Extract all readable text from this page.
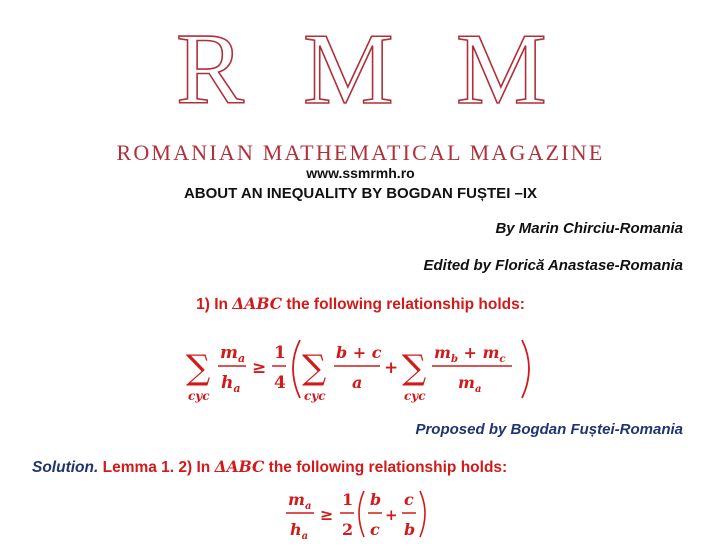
R M M
ROMANIAN MATHEMATICAL MAGAZINE
www.ssmrmh.ro
ABOUT AN INEQUALITY BY BOGDAN FUȘTEI –IX
By Marin Chirciu-Romania
Edited by Florică Anastase-Romania
1) In ΔABC the following relationship holds:
∑
cyc
$m_a$
$h_a$
≥
1
4 ∑
cyc
b + c
a
+ ∑
cyc
$m_b + m_c$
$m_a$
Proposed by Bogdan Fuștei-Romania
Solution. Lemma 1. 2) In ΔABC the following relationship holds:
$m_a$
$h_a$
≥
1
2
b
c
+
c
b
